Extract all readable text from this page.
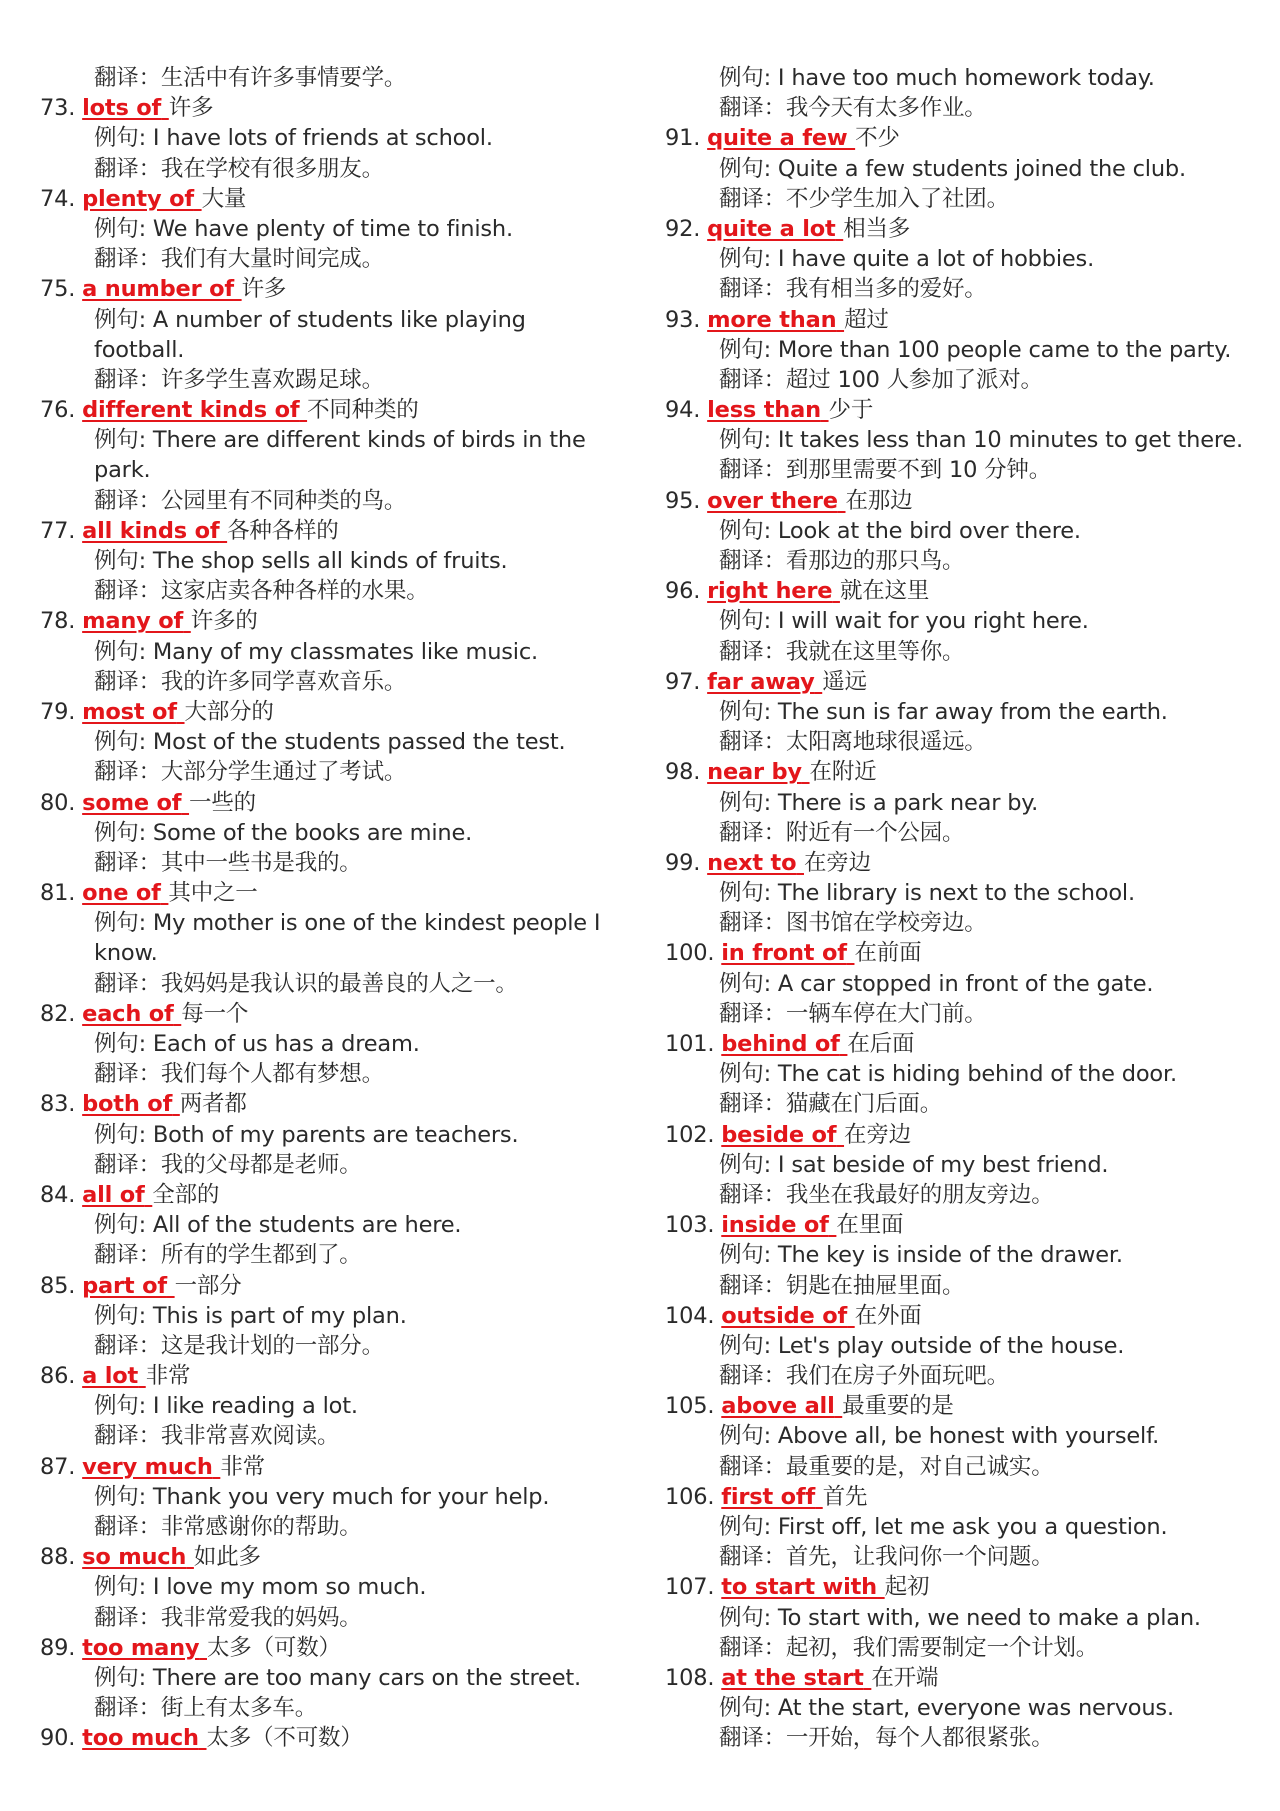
翻译：生活中有许多事情要学。
73. lots of 许多
例句: I have lots of friends at school.
翻译：我在学校有很多朋友。
74. plenty of 大量
例句: We have plenty of time to finish.
翻译：我们有大量时间完成。
75. a number of 许多
例句: A number of students like playing
football.
翻译：许多学生喜欢踢足球。
76. different kinds of 不同种类的
例句: There are different kinds of birds in the
park.
翻译：公园里有不同种类的鸟。
77. all kinds of 各种各样的
例句: The shop sells all kinds of fruits.
翻译：这家店卖各种各样的水果。
78. many of 许多的
例句: Many of my classmates like music.
翻译：我的许多同学喜欢音乐。
79. most of 大部分的
例句: Most of the students passed the test.
翻译：大部分学生通过了考试。
80. some of 一些的
例句: Some of the books are mine.
翻译：其中一些书是我的。
81. one of 其中之一
例句: My mother is one of the kindest people I
know.
翻译：我妈妈是我认识的最善良的人之一。
82. each of 每一个
例句: Each of us has a dream.
翻译：我们每个人都有梦想。
83. both of 两者都
例句: Both of my parents are teachers.
翻译：我的父母都是老师。
84. all of 全部的
例句: All of the students are here.
翻译：所有的学生都到了。
85. part of 一部分
例句: This is part of my plan.
翻译：这是我计划的一部分。
86. a lot 非常
例句: I like reading a lot.
翻译：我非常喜欢阅读。
87. very much 非常
例句: Thank you very much for your help.
翻译：非常感谢你的帮助。
88. so much 如此多
例句: I love my mom so much.
翻译：我非常爱我的妈妈。
89. too many 太多（可数）
例句: There are too many cars on the street.
翻译：街上有太多车。
90. too much 太多（不可数）
例句: I have too much homework today.
翻译：我今天有太多作业。
91. quite a few 不少
例句: Quite a few students joined the club.
翻译：不少学生加入了社团。
92. quite a lot 相当多
例句: I have quite a lot of hobbies.
翻译：我有相当多的爱好。
93. more than 超过
例句: More than 100 people came to the party.
翻译：超过 100 人参加了派对。
94. less than 少于
例句: It takes less than 10 minutes to get there.
翻译：到那里需要不到 10 分钟。
95. over there 在那边
例句: Look at the bird over there.
翻译：看那边的那只鸟。
96. right here 就在这里
例句: I will wait for you right here.
翻译：我就在这里等你。
97. far away 遥远
例句: The sun is far away from the earth.
翻译：太阳离地球很遥远。
98. near by 在附近
例句: There is a park near by.
翻译：附近有一个公园。
99. next to 在旁边
例句: The library is next to the school.
翻译：图书馆在学校旁边。
100. in front of 在前面
例句: A car stopped in front of the gate.
翻译：一辆车停在大门前。
101. behind of 在后面
例句: The cat is hiding behind of the door.
翻译：猫藏在门后面。
102. beside of 在旁边
例句: I sat beside of my best friend.
翻译：我坐在我最好的朋友旁边。
103. inside of 在里面
例句: The key is inside of the drawer.
翻译：钥匙在抽屉里面。
104. outside of 在外面
例句: Let's play outside of the house.
翻译：我们在房子外面玩吧。
105. above all 最重要的是
例句: Above all, be honest with yourself.
翻译：最重要的是，对自己诚实。
106. first off 首先
例句: First off, let me ask you a question.
翻译：首先，让我问你一个问题。
107. to start with 起初
例句: To start with, we need to make a plan.
翻译：起初，我们需要制定一个计划。
108. at the start 在开端
例句: At the start, everyone was nervous.
翻译：一开始，每个人都很紧张。
